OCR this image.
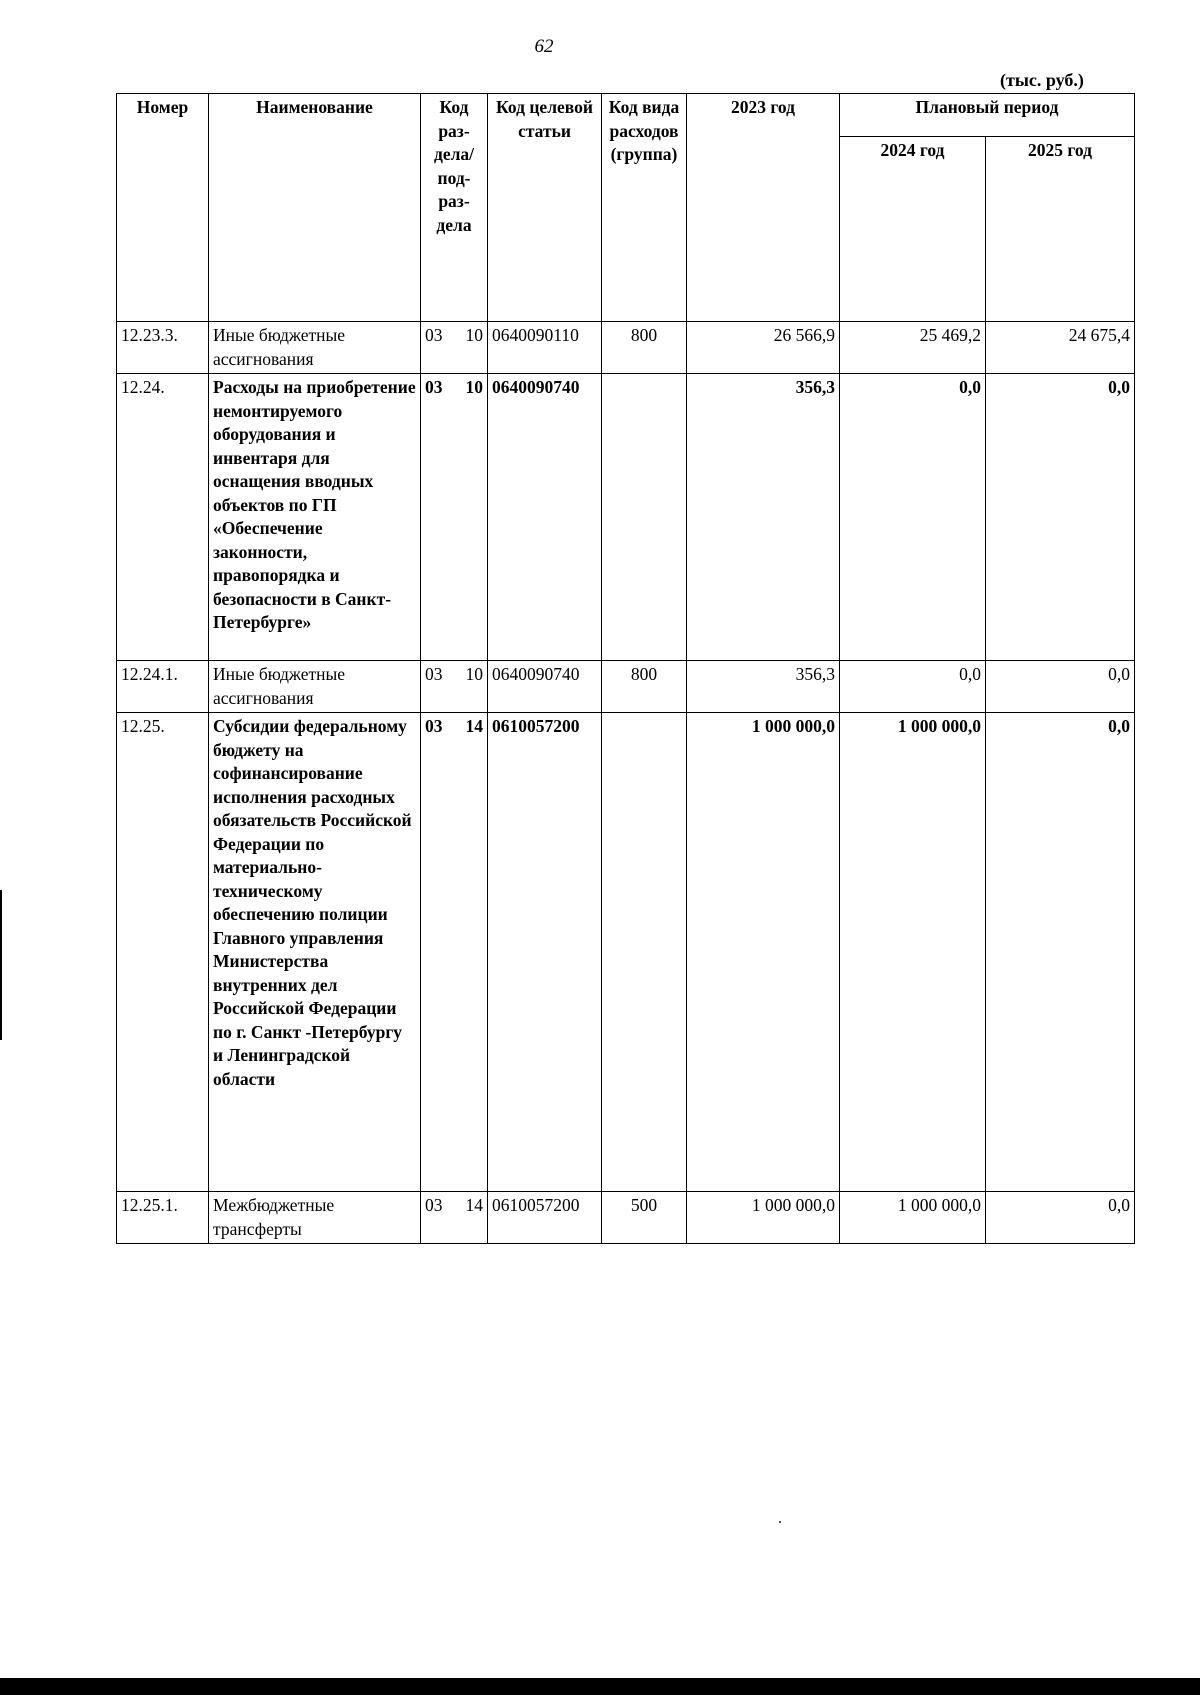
62
(тыс. руб.)
Номер	Наименование	Код раз-дела/ под-раз-дела	Код целевой статьи	Код вида расходов (группа)	2023 год	Плановый период	
						2024 год	2025 год
12.23.3.	Иные бюджетные ассигнования	03 10	0640090110	800	26 566,9	25 469,2	24 675,4
12.24.	Расходы на приобретение немонтируемого оборудования и инвентаря для оснащения вводных объектов по ГП «Обеспечение законности, правопорядка и безопасности в Санкт-Петербурге»	03 10	0640090740		356,3	0,0	0,0
12.24.1.	Иные бюджетные ассигнования	03 10	0640090740	800	356,3	0,0	0,0
12.25.	Субсидии федеральному бюджету на софинансирование исполнения расходных обязательств Российской Федерации по материально-техническому обеспечению полиции Главного управления Министерства внутренних дел Российской Федерации по г. Санкт -Петербургу и Ленинградской области	03 14	0610057200		1 000 000,0	1 000 000,0	0,0
12.25.1.	Межбюджетные трансферты	03 14	0610057200	500	1 000 000,0	1 000 000,0	0,0
